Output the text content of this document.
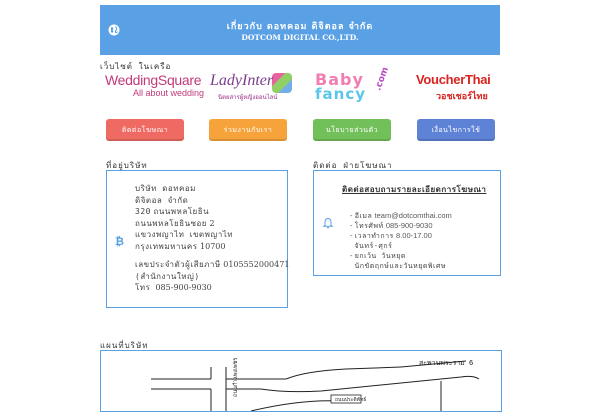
เกี่ยวกับ ดอทคอม ดิจิตอล จำกัด
DOTCOM DIGITAL CO.,LTD.
เว็บไซต์ ในเครือ
WeddingSquare
All about wedding
LadyInter
นิตยสารผู้หญิงออนไลน์
Baby
fancy
.com VoucherThai
วอชเชอร์ไทย
ติดต่อโฆษณา	ร่วมงานกับเรา	นโยบายส่วนตัว	เงื่อนไขการใช้
ที่อยู่บริษัท
₿
บริษัท ดอทคอม
ดิจิตอล จำกัด
320 ถนนพหลโยธิน
ถนนพหลโยธินซอย 2
แขวงพญาไท เขตพญาไท
กรุงเทพมหานคร 10700
เลขประจำตัวผู้เสียภาษี 0105552000471
(สำนักงานใหญ่)
โทร 085-900-9030
ติดต่อ ฝ่ายโฆษณา
ติดต่อสอบถามรายละเอียดการโฆษณา
- อีเมล team@dotcomthai.com
- โทรศัพท์ 085-900-9030
- เวลาทำการ 8.00-17.00
จันทร์-ศุกร์
- ยกเว้น วันหยุด
นักขัตฤกษ์และวันหยุดพิเศษ
แผนที่บริษัท
สะพานพระราม 6
ถนนกำแพงเพชร
ถนนประดิพัทธ์
